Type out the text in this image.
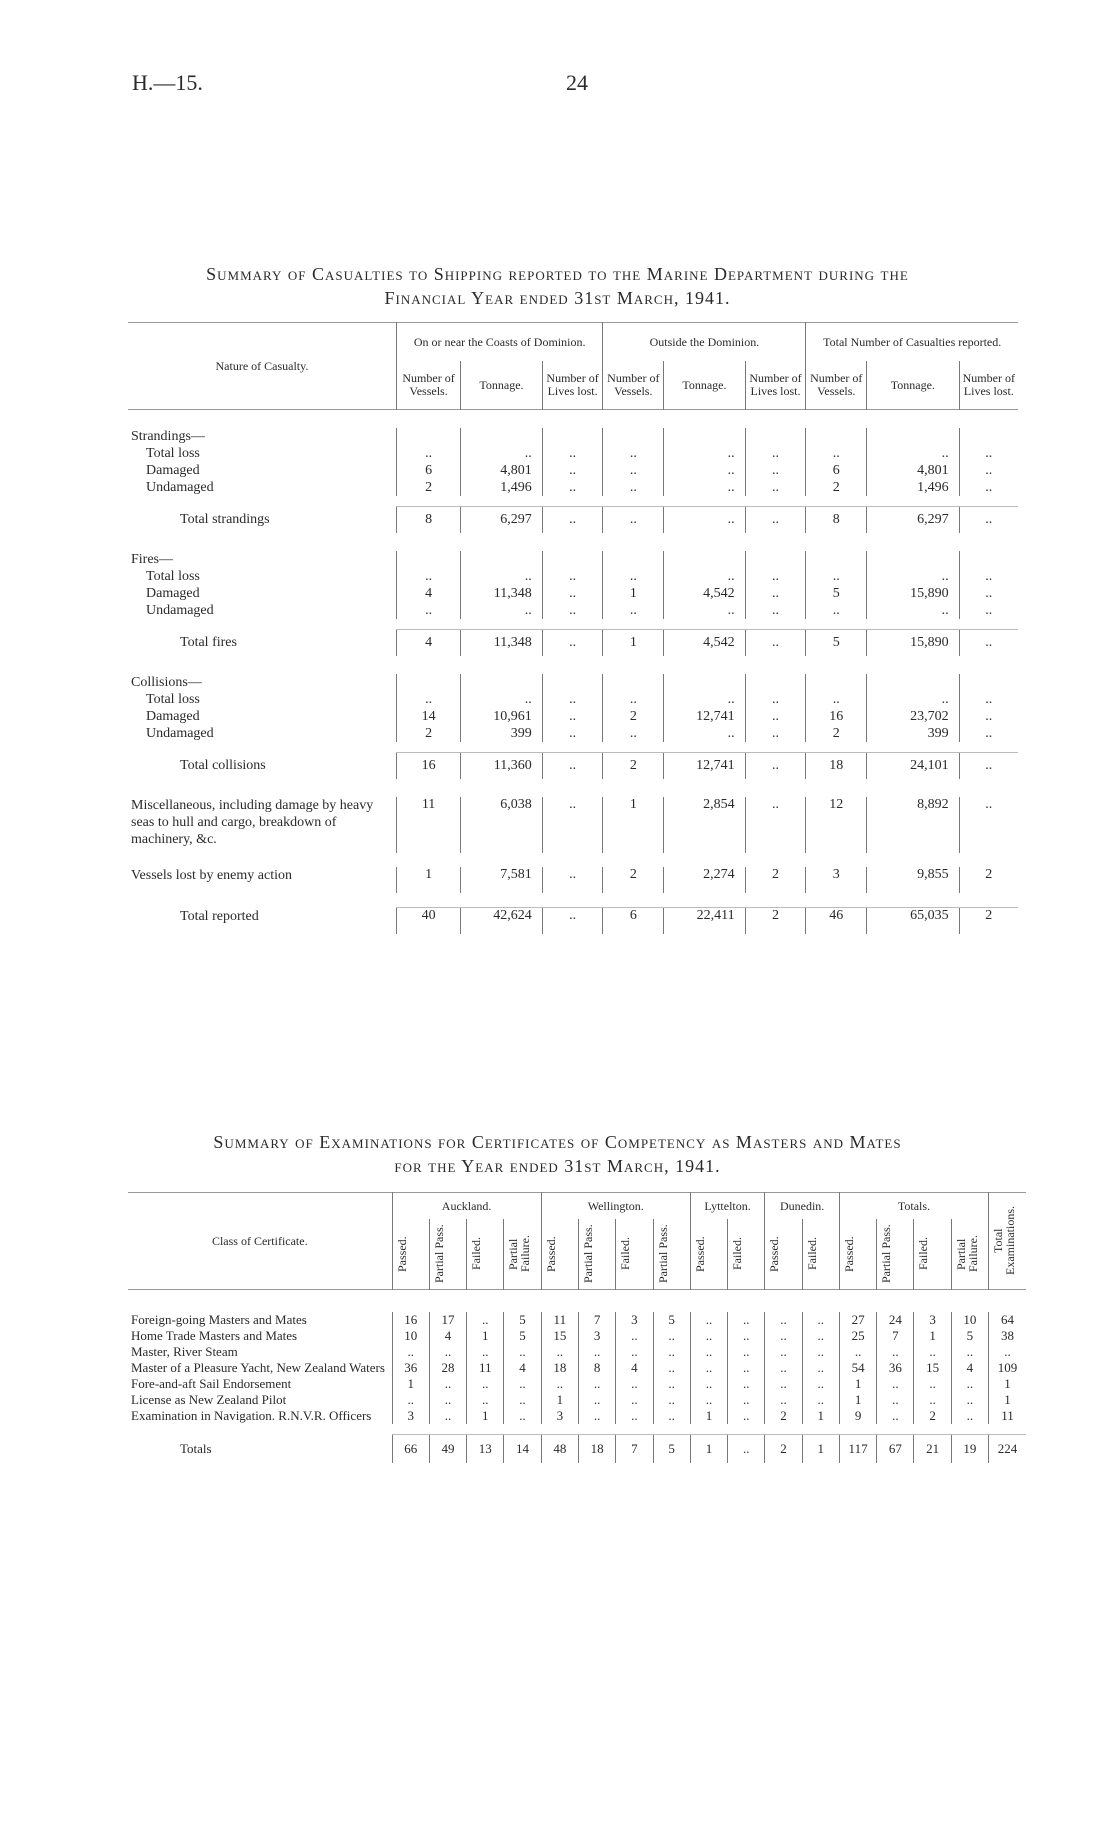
H.—15.	24
Summary of Casualties to Shipping reported to the Marine Department during the
Financial Year ended 31st March, 1941.
Nature of Casualty.	On or near the Coasts of Dominion.			Outside the Dominion.			Total Number of Casualties reported.		
	Number of Vessels.	Tonnage.	Number of Lives lost.	Number of Vessels.	Tonnage.	Number of Lives lost.	Number of Vessels.	Tonnage.	Number of Lives lost.

Strandings—									
Total loss	..	..	..	..	..	..	..	..	..
Damaged	6	4,801	..	..	..	..	6	4,801	..
Undamaged	2	1,496	..	..	..	..	2	1,496	..

Total strandings	8	6,297	..	..	..	..	8	6,297	..

Fires—									
Total loss	..	..	..	..	..	..	..	..	..
Damaged	4	11,348	..	1	4,542	..	5	15,890	..
Undamaged	..	..	..	..	..	..	..	..	..

Total fires	4	11,348	..	1	4,542	..	5	15,890	..

Collisions—									
Total loss	..	..	..	..	..	..	..	..	..
Damaged	14	10,961	..	2	12,741	..	16	23,702	..
Undamaged	2	399	..	..	..	..	2	399	..

Total collisions	16	11,360	..	2	12,741	..	18	24,101	..

Miscellaneous, including damage by heavy seas to hull and cargo, breakdown of machinery, &c.	11	6,038	..	1	2,854	..	12	8,892	..

Vessels lost by enemy action	1	7,581	..	2	2,274	2	3	9,855	2

Total reported	40	42,624	..	6	22,411	2	46	65,035	2
Summary of Examinations for Certificates of Competency as Masters and Mates
for the Year ended 31st March, 1941.
Class of Certificate.	Auckland.				Wellington.				Lyttelton.		Dunedin.		Totals.				Total Examinations.

	Passed.	Partial Pass.	Failed.	Partial Failure.	Passed.	Partial Pass.	Failed.	Partial Pass.	Passed.	Failed.	Passed.	Failed.	Passed.	Partial Pass.	Failed.	Partial Failure.	

Foreign-going Masters and Mates	16	17	..	5	11	7	3	5	..	..	..	..	27	24	3	10	64
Home Trade Masters and Mates	10	4	1	5	15	3	..	..	..	..	..	..	25	7	1	5	38
Master, River Steam	..	..	..	..	..	..	..	..	..	..	..	..	..	..	..	..	..
Master of a Pleasure Yacht, New Zealand Waters	36	28	11	4	18	8	4	..	..	..	..	..	54	36	15	4	109
Fore-and-aft Sail Endorsement	1	..	..	..	..	..	..	..	..	..	..	..	1	..	..	..	1
License as New Zealand Pilot	..	..	..	..	1	..	..	..	..	..	..	..	1	..	..	..	1
Examination in Navigation. R.N.V.R. Officers	3	..	1	..	3	..	..	..	1	..	2	1	9	..	2	..	11

Totals	66	49	13	14	48	18	7	5	1	..	2	1	117	67	21	19	224
